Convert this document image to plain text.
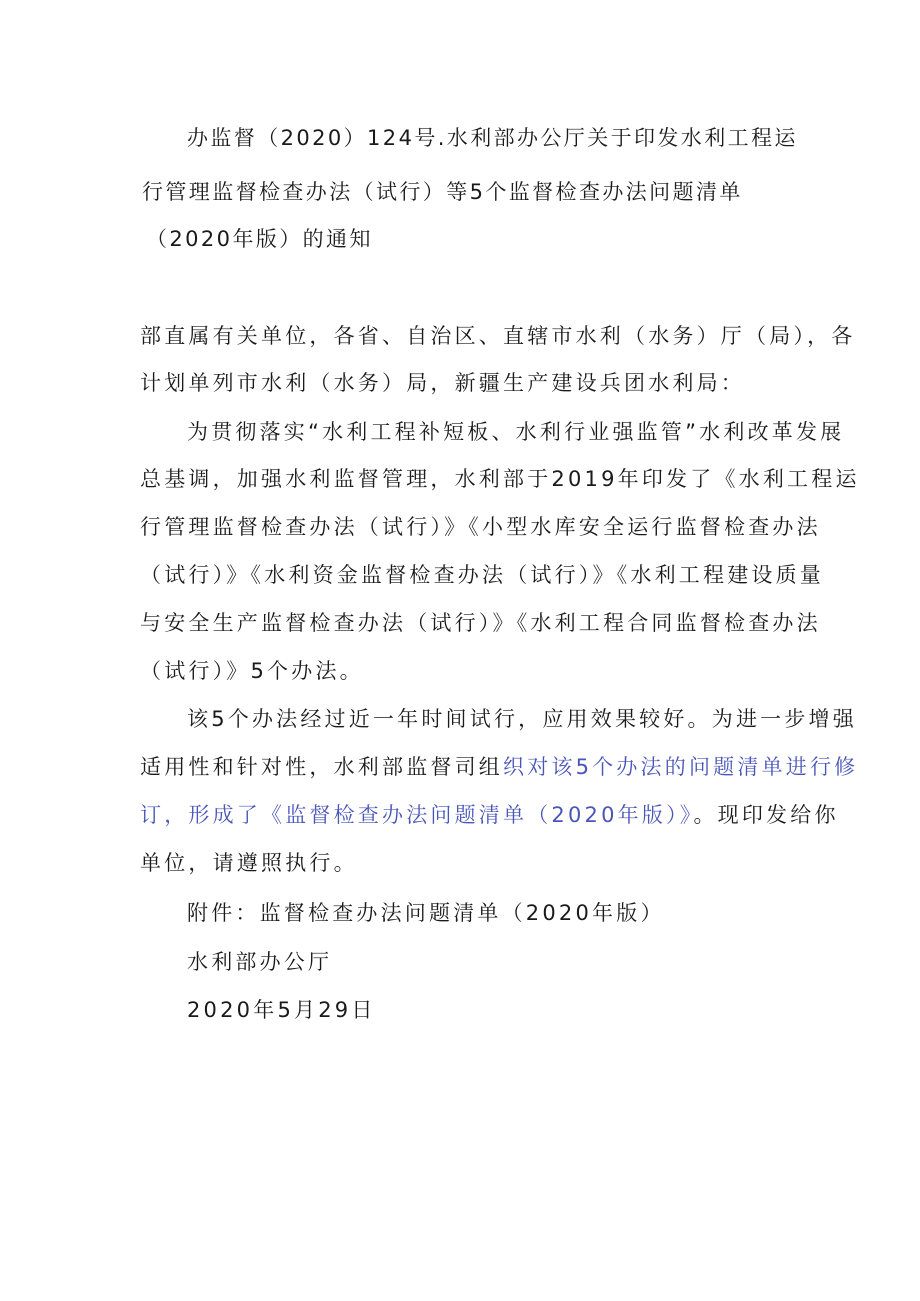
办监督（2020）124号.水利部办公厅关于印发水利工程运
行管理监督检查办法（试行）等5个监督检查办法问题清单
（2020年版）的通知
部直属有关单位，各省、自治区、直辖市水利（水务）厅（局），各
计划单列市水利（水务）局，新疆生产建设兵团水利局：
为贯彻落实“水利工程补短板、水利行业强监管”水利改革发展
总基调，加强水利监督管理，水利部于2019年印发了《水利工程运
行管理监督检查办法（试行）》《小型水库安全运行监督检查办法
（试行）》《水利资金监督检查办法（试行）》《水利工程建设质量
与安全生产监督检查办法（试行）》《水利工程合同监督检查办法
（试行）》5个办法。
该5个办法经过近一年时间试行，应用效果较好。为进一步增强
适用性和针对性，水利部监督司组织对该5个办法的问题清单进行修
订，形成了《监督检查办法问题清单（2020年版）》。现印发给你
单位，请遵照执行。
附件：监督检查办法问题清单（2020年版）
水利部办公厅
2020年5月29日
